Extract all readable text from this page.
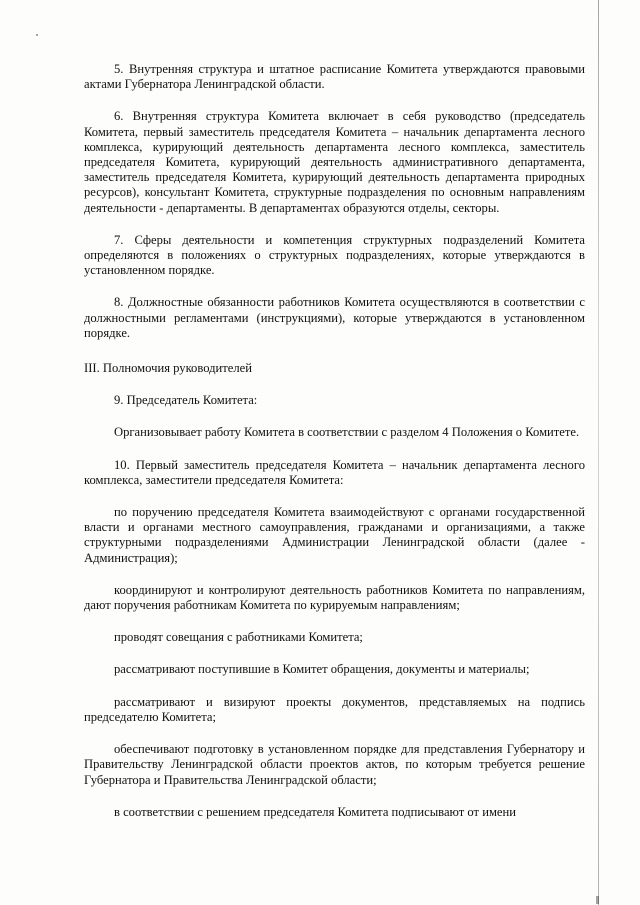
5. Внутренняя структура и штатное расписание Комитета утверждаются правовыми актами Губернатора Ленинградской области.

6. Внутренняя структура Комитета включает в себя руководство (председатель Комитета, первый заместитель председателя Комитета – начальник департамента лесного комплекса, курирующий деятельность департамента лесного комплекса, заместитель председателя Комитета, курирующий деятельность административного департамента, заместитель председателя Комитета, курирующий деятельность департамента природных ресурсов), консультант Комитета, структурные подразделения по основным направлениям деятельности - департаменты. В департаментах образуются отделы, секторы.

7. Сферы деятельности и компетенция структурных подразделений Комитета определяются в положениях о структурных подразделениях, которые утверждаются в установленном порядке.

8. Должностные обязанности работников Комитета осуществляются в соответствии с должностными регламентами (инструкциями), которые утверждаются в установленном порядке.

III. Полномочия руководителей

9. Председатель Комитета:

Организовывает работу Комитета в соответствии с разделом 4 Положения о Комитете.

10. Первый заместитель председателя Комитета – начальник департамента лесного комплекса, заместители председателя Комитета:

по поручению председателя Комитета взаимодействуют с органами государственной власти и органами местного самоуправления, гражданами и организациями, а также структурными подразделениями Администрации Ленинградской области (далее - Администрация);

координируют и контролируют деятельность работников Комитета по направлениям, дают поручения работникам Комитета по курируемым направлениям;

проводят совещания с работниками Комитета;

рассматривают поступившие в Комитет обращения, документы и материалы;

рассматривают и визируют проекты документов, представляемых на подпись председателю Комитета;

обеспечивают подготовку в установленном порядке для представления Губернатору и Правительству Ленинградской области проектов актов, по которым требуется решение Губернатора и Правительства Ленинградской области;

в соответствии с решением председателя Комитета подписывают от имени
